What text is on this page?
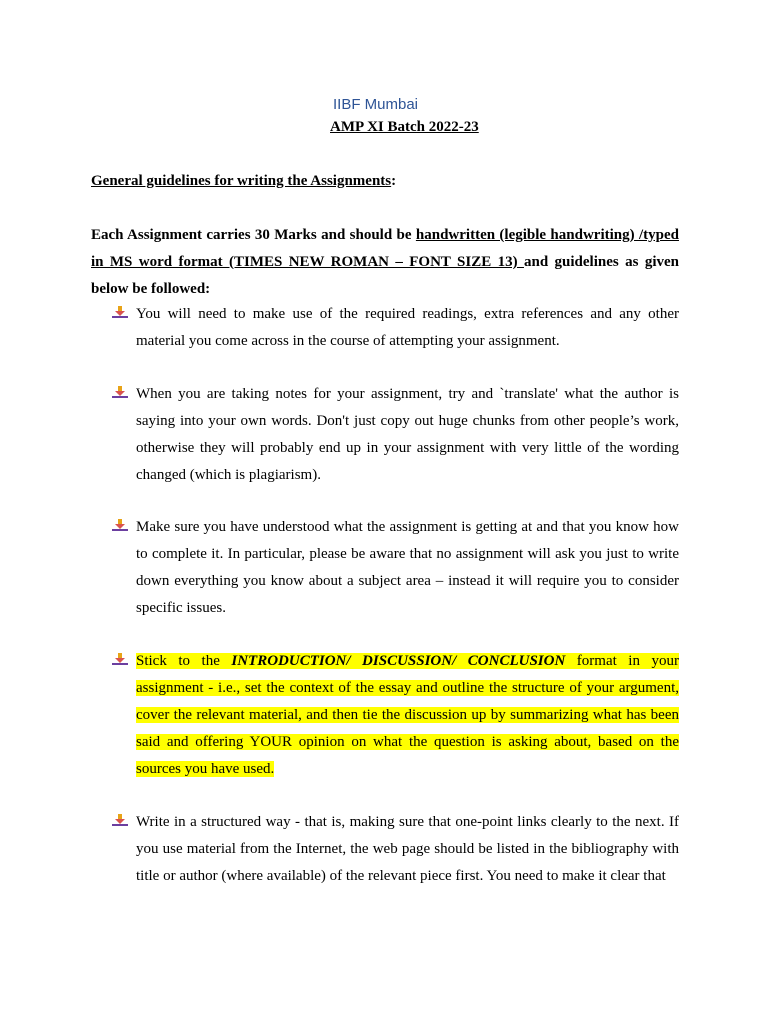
IIBF Mumbai
AMP XI Batch 2022-23
General guidelines for writing the Assignments:

Each Assignment carries 30 Marks and should be handwritten (legible handwriting) /typed in MS word format (TIMES NEW ROMAN – FONT SIZE 13) and guidelines as given below be followed:

You will need to make use of the required readings, extra references and any other material you come across in the course of attempting your assignment.

When you are taking notes for your assignment, try and `translate' what the author is saying into your own words. Don't just copy out huge chunks from other people’s work, otherwise they will probably end up in your assignment with very little of the wording changed (which is plagiarism).

Make sure you have understood what the assignment is getting at and that you know how to complete it. In particular, please be aware that no assignment will ask you just to write down everything you know about a subject area – instead it will require you to consider specific issues.

Stick to the INTRODUCTION/ DISCUSSION/ CONCLUSION format in your assignment - i.e., set the context of the essay and outline the structure of your argument, cover the relevant material, and then tie the discussion up by summarizing what has been said and offering YOUR opinion on what the question is asking about, based on the sources you have used.

Write in a structured way - that is, making sure that one-point links clearly to the next. If you use material from the Internet, the web page should be listed in the bibliography with title or author (where available) of the relevant piece first. You need to make it clear that
